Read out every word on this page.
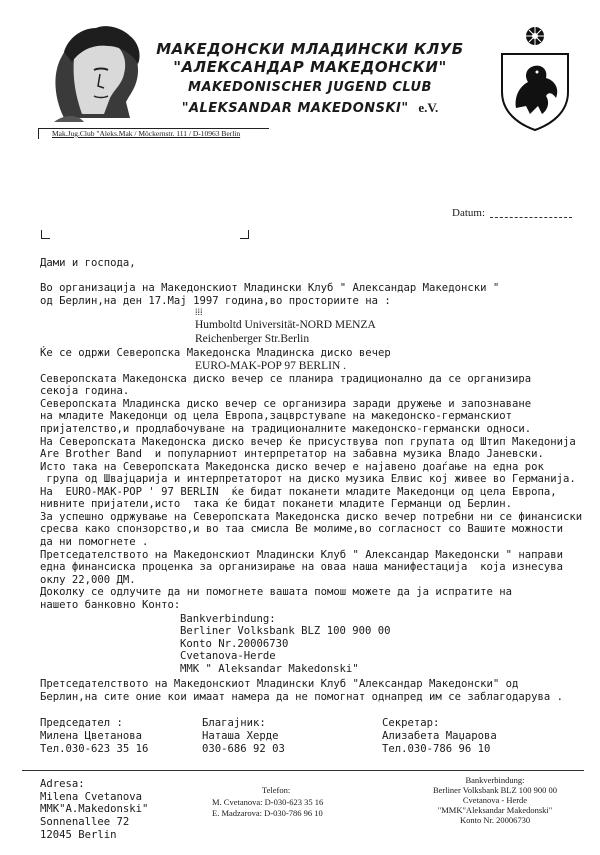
МАКЕДОНСКИ МЛАДИНСКИ КЛУБ
"АЛЕКСАНДАР МАКЕДОНСКИ"
MAKEDONISCHER JUGEND CLUB
"ALEKSANDAR MAKEDONSKI" e.V.
Mak.Jug.Club "Aleks.Mak / Möckernstr. 111 / D-10963 Berlin
Datum:
Дами и господа,
Во организација на Македонскиот Младински Клуб " Александар Македонски "
од Берлин,на ден 17.Мај 1997 година,во просториите на :
⁞⁞⁞
Humboltd Universität-NORD MENZA
Reichenberger Str.Berlin
Ќе се одржи Северопска Македонска Младинска диско вечер
EURO-MAK-POP 97 BERLIN .
Северопската Македонска диско вечер се планира традиционално да се организира
секоја година.
Северопската Младинска диско вечер се организира заради дружење и запознаване
на младите Македонци од цела Европа,зацврстуваnе на македонско-германскиот
пријателство,и продлабочуване на традиционалните македонско-германски односи.
На Северопската Македонска диско вечер ќе присуствува поп групата од Штип Македонија
Are Brother Band  и популарниот интерпретатор на забавна музика Владо Јаневски.
Исто така на Северопската Македонска диско вечер е најавено доаѓање на една рок
група од Швајцарија и интерпретаторот на диско музика Елвис кој живее во Германија.
На  EURO-MAK-POP ' 97 BERLIN  ќе бидат поканети младите Македонци од цела Европа,
нивните пријатели,исто  така ќе бидат поканети младите Германци од Берлин.
За успешно одржување на Северопската Македонска диско вечер потребни ни се финансиски
сресва како спонзорство,и во таа смисла Ве молиме,во согласност со Вашите можности
да ни помогнете .
Претседателството на Македонскиот Младински Клуб " Александар Македонски " направи
една финансиска проценка за организирање на оваа наша манифестација  која изнесува
оклу 22,000 ДМ.
Доколку се одлучите да ни помогнете вашата помош можете да ја испратите на
нашето банковно Конто:
Bankverbindung:
Berliner Volksbank BLZ 100 900 00
Konto Nr.20006730
Cvetanova-Herde
MMK " Aleksandar Makedonski"
Претседателството на Македонскиот Младински Клуб "Александар Македонски" од
Берлин,на сите оние кои имаат намера да не помогнат однапред им се заблагодарува .
Председател :
Милена Цветанова
Тел.030-623 35 16
Благајник:
Наташа Херде
030-686 92 03
Секретар:
Ализабета Маџарова
Тел.030-786 96 10
Adresa:
Milena Cvetanova
MMK"A.Makedonski"
Sonnenallee 72
12045 Berlin
Telefon:
M. Cvetanova: D-030-623 35 16
E. Madzarova: D-030-786 96 10
Bankverbindung:
Berliner Volksbank BLZ 100 900 00
Cvetanova - Herde
"MMK"Aleksandar Makedonski"
Konto Nr. 20006730
